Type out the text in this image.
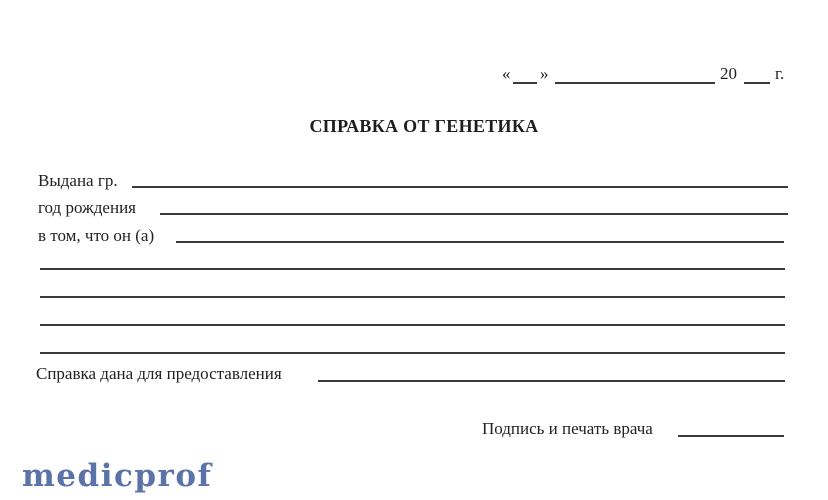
« »	20 г.
СПРАВКА ОТ ГЕНЕТИКА
Выдана гр.
год рождения
в том, что он (а)
Справка дана для предоставления
Подпись и печать врача
medicprof
